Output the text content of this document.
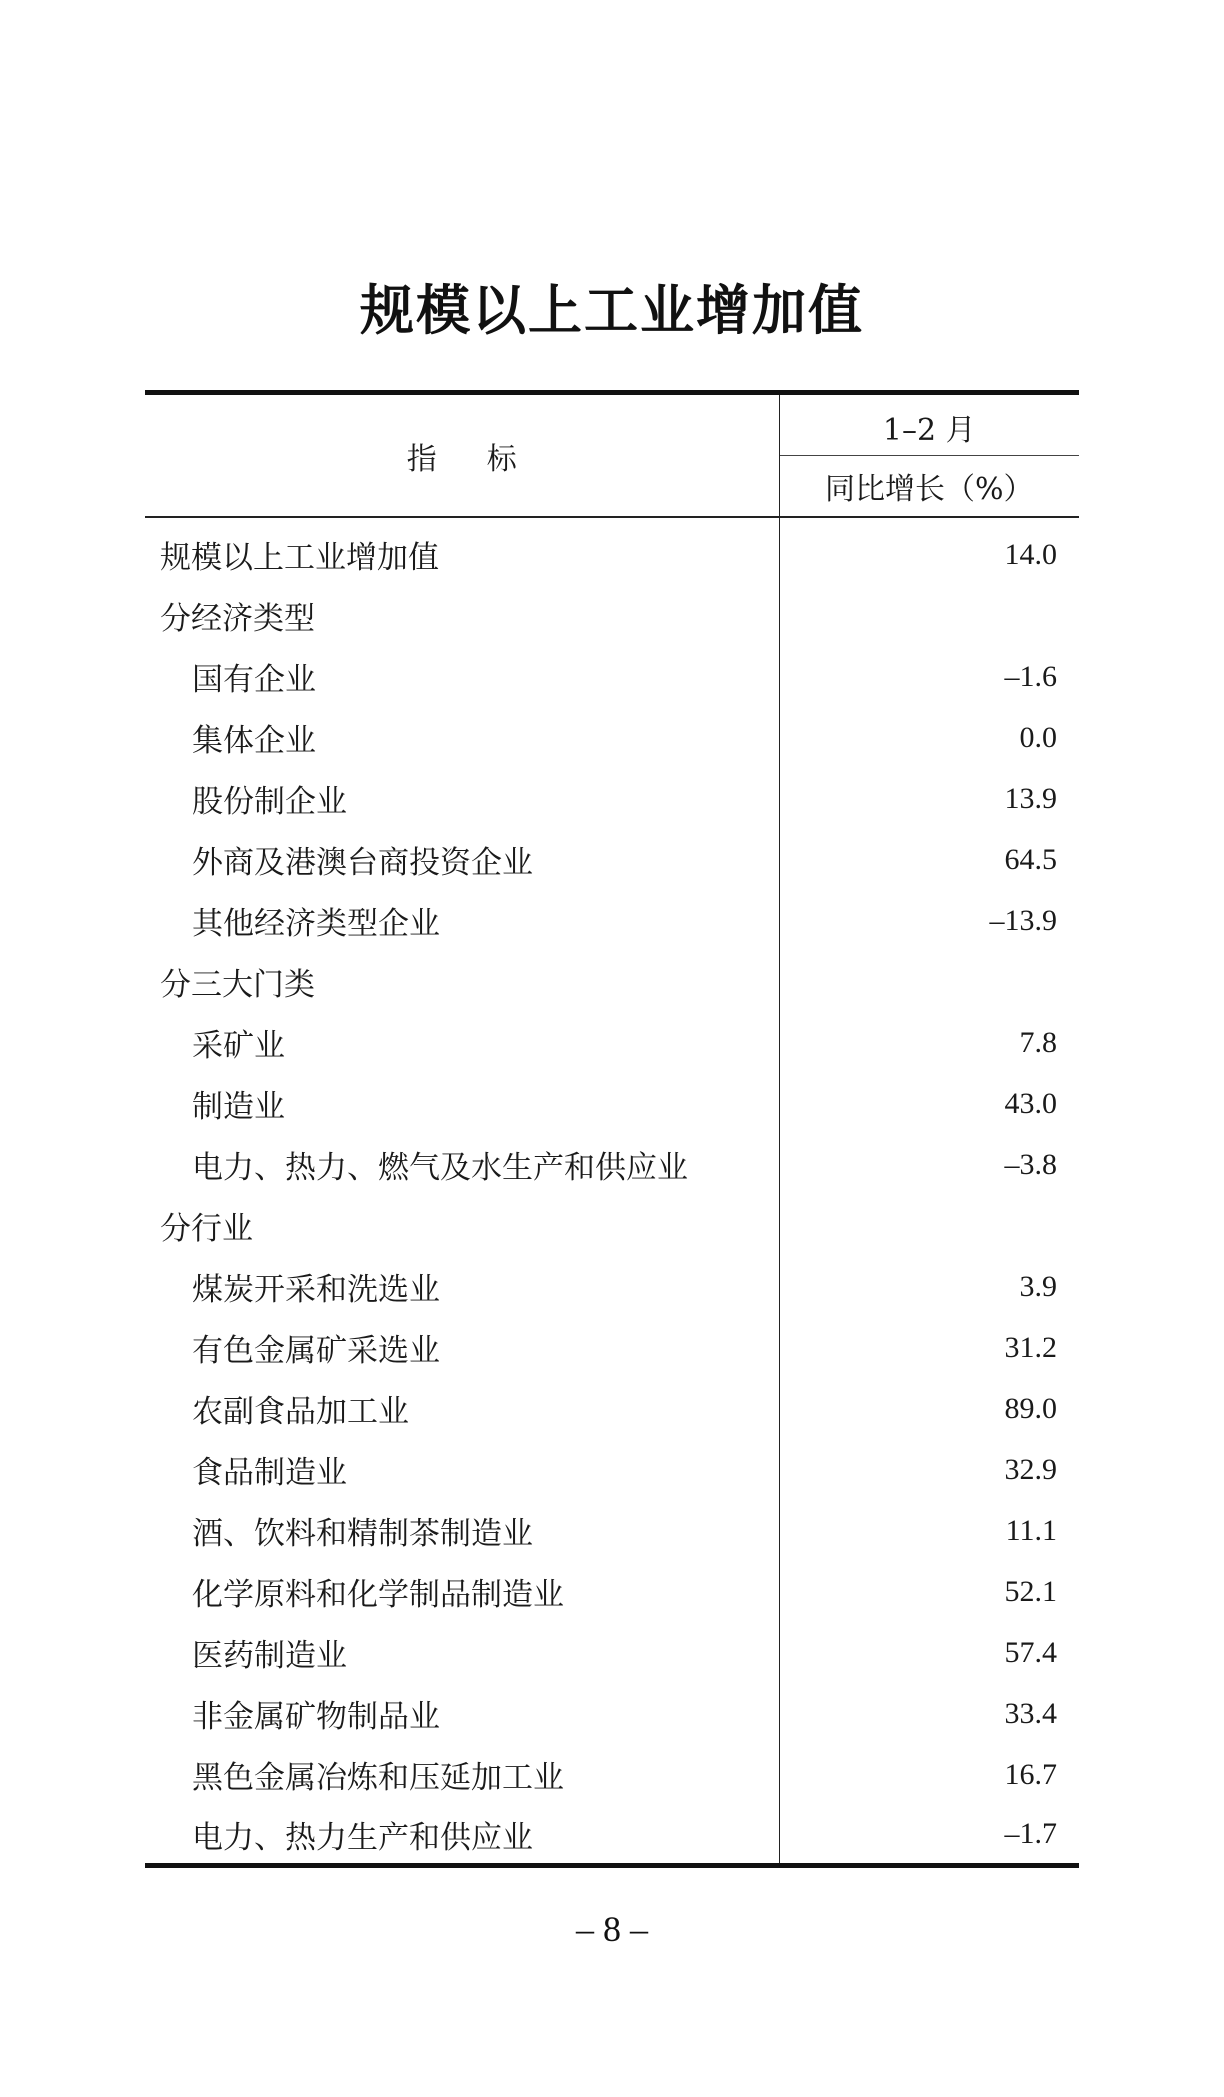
规模以上工业增加值
指标	1–2 月
	同比增长（%）
规模以上工业增加值	14.0
分经济类型	
国有企业	–1.6
集体企业	0.0
股份制企业	13.9
外商及港澳台商投资企业	64.5
其他经济类型企业	–13.9
分三大门类	
采矿业	7.8
制造业	43.0
电力、热力、燃气及水生产和供应业	–3.8
分行业	
煤炭开采和洗选业	3.9
有色金属矿采选业	31.2
农副食品加工业	89.0
食品制造业	32.9
酒、饮料和精制茶制造业	11.1
化学原料和化学制品制造业	52.1
医药制造业	57.4
非金属矿物制品业	33.4
黑色金属冶炼和压延加工业	16.7
电力、热力生产和供应业	–1.7
– 8 –
